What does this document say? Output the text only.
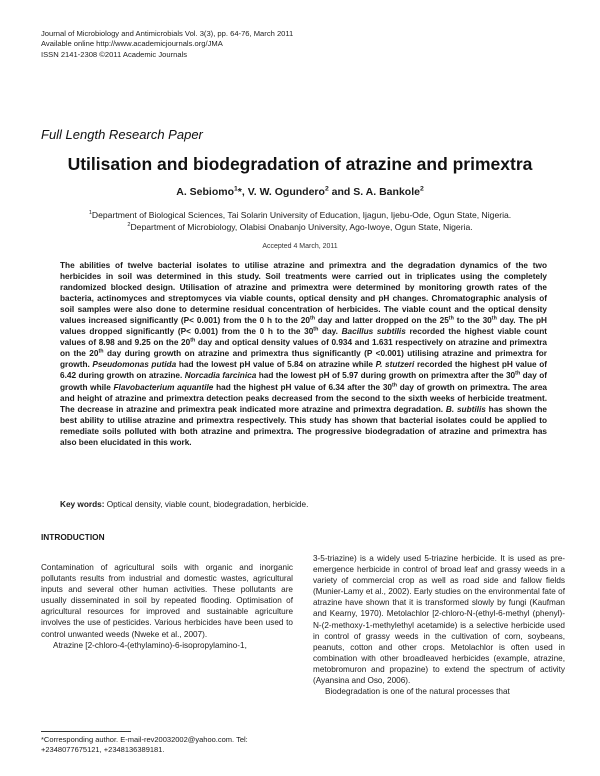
Journal of Microbiology and Antimicrobials Vol. 3(3), pp. 64-76, March 2011
Available online http://www.academicjournals.org/JMA
ISSN 2141-2308 ©2011 Academic Journals
Full Length Research Paper
Utilisation and biodegradation of atrazine and primextra
A. Sebiomo$^1$*, V. W. Ogundero$^2$ and S. A. Bankole$^2$
$^1$Department of Biological Sciences, Tai Solarin University of Education, Ijagun, Ijebu-Ode, Ogun State, Nigeria.
$^2$Department of Microbiology, Olabisi Onabanjo University, Ago-Iwoye, Ogun State, Nigeria.
Accepted 4 March, 2011

The abilities of twelve bacterial isolates to utilise atrazine and primextra and the degradation dynamics of the two herbicides in soil was determined in this study. Soil treatments were carried out in triplicates using the completely randomized blocked design. Utilisation of atrazine and primextra were determined by monitoring growth rates of the bacteria, actinomyces and streptomyces via viable counts, optical density and pH changes. Chromatographic analysis of soil samples were also done to determine residual concentration of herbicides. The viable count and the optical density values increased significantly (P< 0.001) from the 0 h to the 20th day and latter dropped on the 25th to the 30th day. The pH values dropped significantly (P< 0.001) from the 0 h to the 30th day. Bacillus subtilis recorded the highest viable count values of 8.98 and 9.25 on the 20th day and optical density values of 0.934 and 1.631 respectively on atrazine and primextra on the 20th day during growth on atrazine and primextra thus significantly (P <0.001) utilising atrazine and primextra for growth. Pseudomonas putida had the lowest pH value of 5.84 on atrazine while P. stutzeri recorded the highest pH value of 6.42 during growth on atrazine. Norcadia farcinica had the lowest pH of 5.97 during growth on primextra after the 30th day of growth while Flavobacterium aquantile had the highest pH value of 6.34 after the 30th day of growth on primextra. The area and height of atrazine and primextra detection peaks decreased from the second to the sixth weeks of herbicide treatment. The decrease in atrazine and primextra peak indicated more atrazine and primextra degradation. B. subtilis has shown the best ability to utilise atrazine and primextra respectively. This study has shown that bacterial isolates could be applied to remediate soils polluted with both atrazine and primextra. The progressive biodegradation of atrazine and primextra has also been elucidated in this work.

Key words: Optical density, viable count, biodegradation, herbicide.
INTRODUCTION

Contamination of agricultural soils with organic and inorganic pollutants results from industrial and domestic wastes, agricultural inputs and several other human activities. These pollutants are usually disseminated in soil by repeated flooding. Optimisation of agricultural resources for improved and sustainable agriculture involves the use of pesticides. Various herbicides have been used to control unwanted weeds (Nweke et al., 2007).

Atrazine [2-chloro-4-(ethylamino)-6-isopropylamino-1,

3-5-triazine) is a widely used 5-triazine herbicide. It is used as pre-emergence herbicide in control of broad leaf and grassy weeds in a variety of commercial crop as well as road side and fallow fields (Munier-Lamy et al., 2002). Early studies on the environmental fate of atrazine have shown that it is transformed slowly by fungi (Kaufman and Kearny, 1970). Metolachlor [2-chloro-N-(ethyl-6-methyl (phenyl)-N-(2-methoxy-1-methylethyl acetamide) is a selective herbicide used in control of grassy weeds in the cultivation of corn, soybeans, peanuts, cotton and other crops. Metolachlor is often used in combination with other broadleaved herbicides (example, atrazine, metobromuron and propazine) to extend the spectrum of activity (Ayansina and Oso, 2006).

Biodegradation is one of the natural processes that

*Corresponding author. E-mail-rev20032002@yahoo.com. Tel: +2348077675121, +2348136389181.
